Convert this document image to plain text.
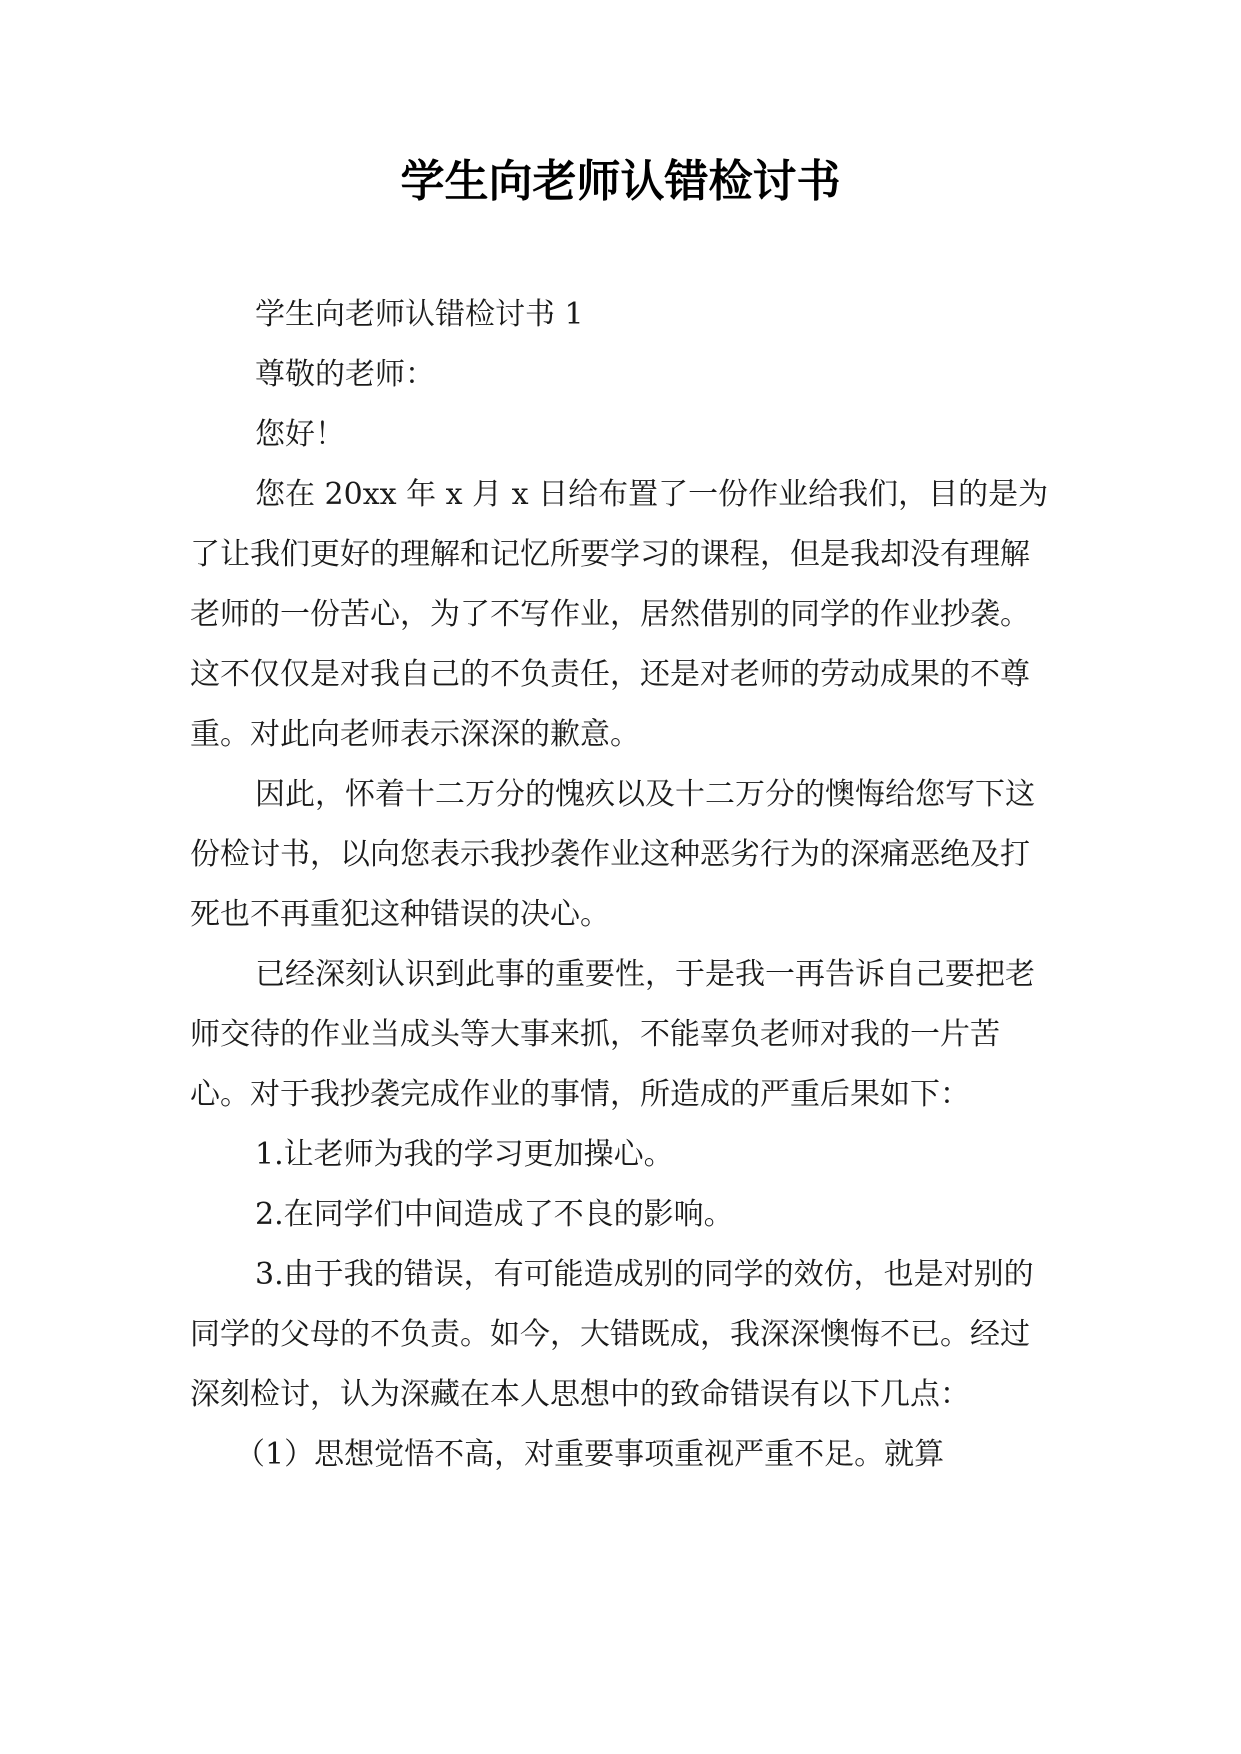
学生向老师认错检讨书

学生向老师认错检讨书 1

尊敬的老师：

您好！

您在 20xx 年 x 月 x 日给布置了一份作业给我们，目的是为了让我们更好的理解和记忆所要学习的课程，但是我却没有理解老师的一份苦心，为了不写作业，居然借别的同学的作业抄袭。这不仅仅是对我自己的不负责任，还是对老师的劳动成果的不尊重。对此向老师表示深深的歉意。

因此，怀着十二万分的愧疚以及十二万分的懊悔给您写下这份检讨书，以向您表示我抄袭作业这种恶劣行为的深痛恶绝及打死也不再重犯这种错误的决心。

已经深刻认识到此事的重要性，于是我一再告诉自己要把老师交待的作业当成头等大事来抓，不能辜负老师对我的一片苦心。对于我抄袭完成作业的事情，所造成的严重后果如下：

1.让老师为我的学习更加操心。

2.在同学们中间造成了不良的影响。

3.由于我的错误，有可能造成别的同学的效仿，也是对别的同学的父母的不负责。如今，大错既成，我深深懊悔不已。经过深刻检讨，认为深藏在本人思想中的致命错误有以下几点：

（1）思想觉悟不高，对重要事项重视严重不足。就算
